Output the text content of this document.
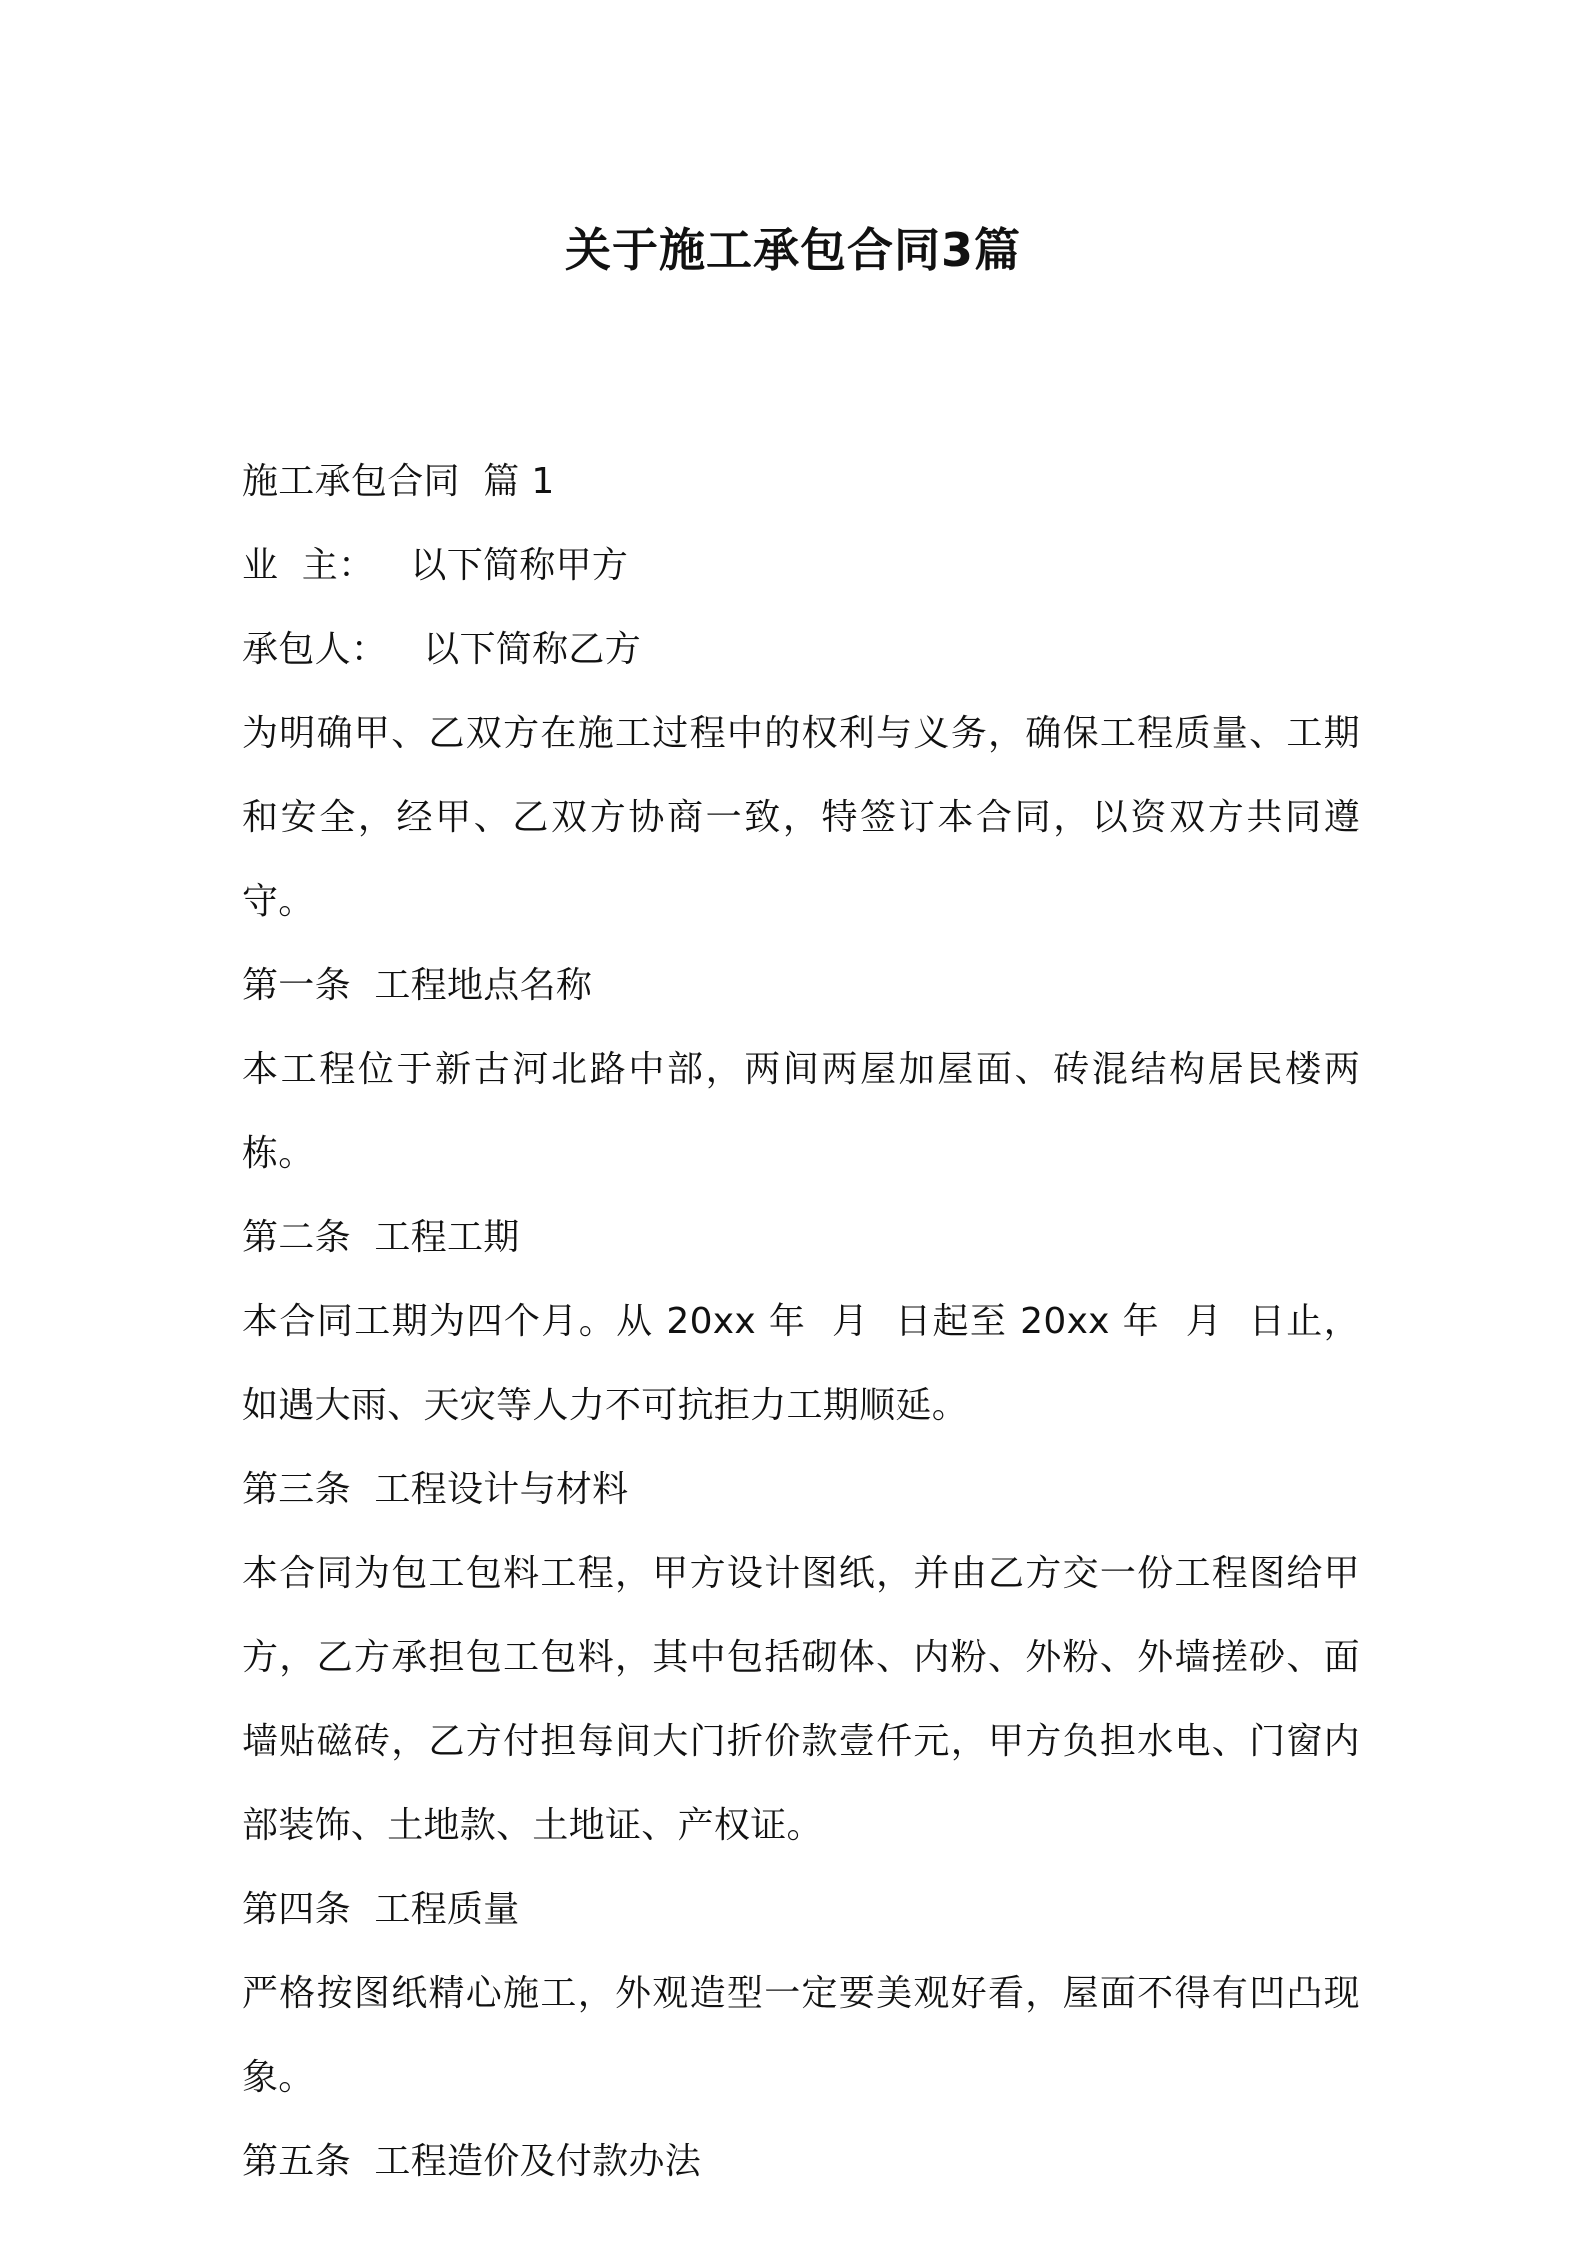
关于施工承包合同3篇
施工承包合同  篇 1
业  主： 以下简称甲方
承包人： 以下简称乙方
为明确甲、乙双方在施工过程中的权利与义务，确保工程质量、工期和安全，经甲、乙双方协商一致，特签订本合同，以资双方共同遵守。
第一条  工程地点名称
本工程位于新古河北路中部，两间两屋加屋面、砖混结构居民楼两栋。
第二条  工程工期
本合同工期为四个月。从 20xx 年  月  日起至 20xx 年  月  日止，如遇大雨、天灾等人力不可抗拒力工期顺延。
第三条  工程设计与材料
本合同为包工包料工程，甲方设计图纸，并由乙方交一份工程图给甲方，乙方承担包工包料，其中包括砌体、内粉、外粉、外墙搓砂、面墙贴磁砖，乙方付担每间大门折价款壹仟元，甲方负担水电、门窗内部装饰、土地款、土地证、产权证。
第四条  工程质量
严格按图纸精心施工，外观造型一定要美观好看，屋面不得有凹凸现象。
第五条  工程造价及付款办法
